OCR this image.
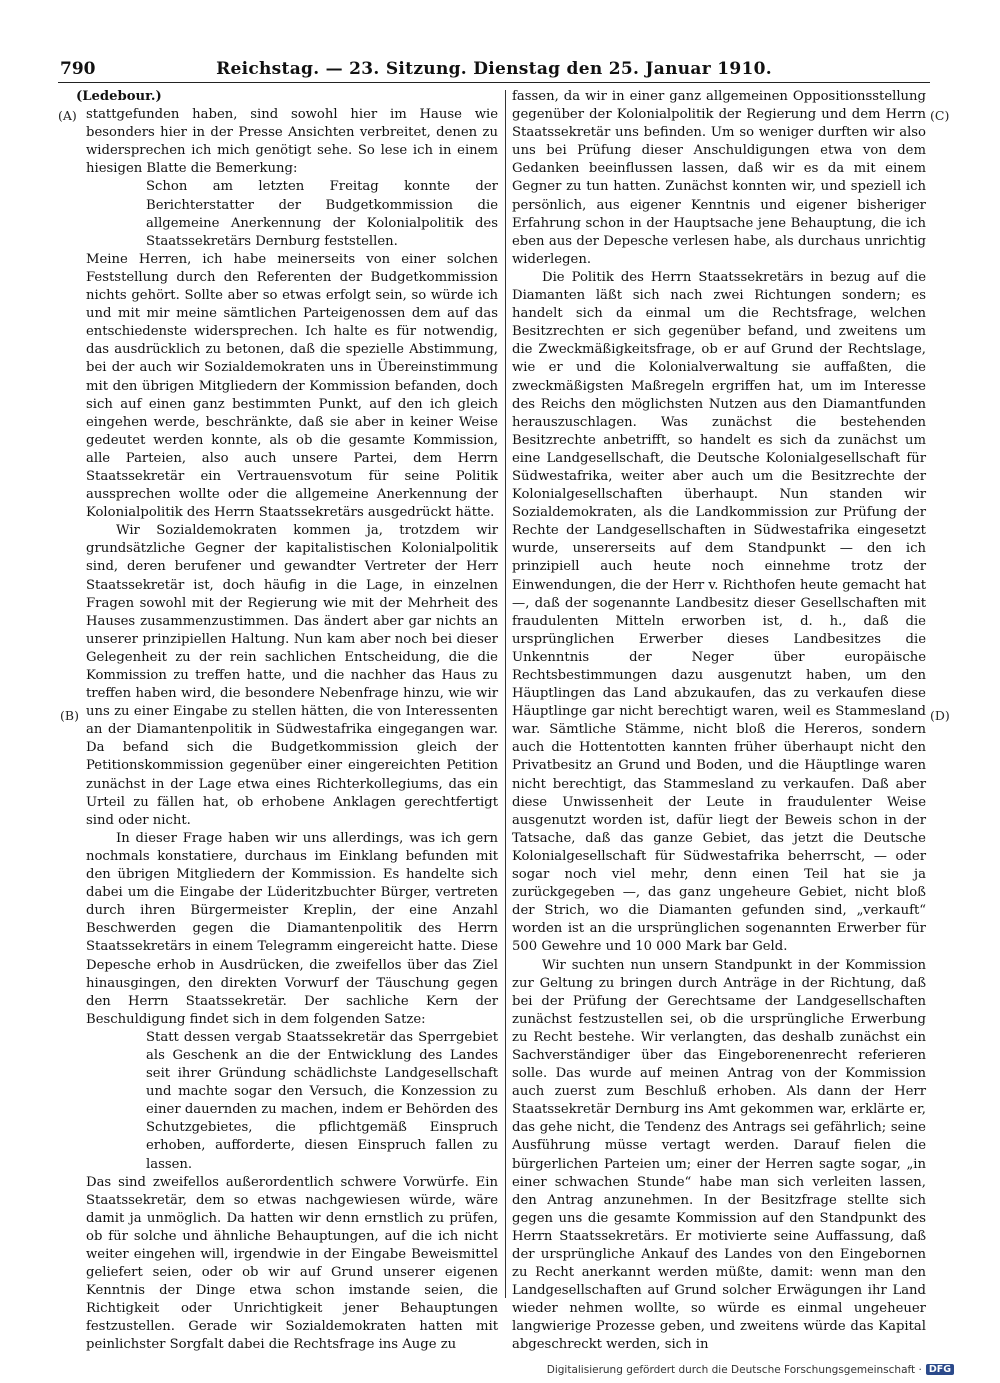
790	Reichstag. — 23. Sitzung. Dienstag den 25. Januar 1910.
(A)
(B)
(C)
(D)

(Ledebour.)

stattgefunden haben, sind sowohl hier im Hause wie besonders hier in der Presse Ansichten verbreitet, denen zu widersprechen ich mich genötigt sehe. So lese ich in einem hiesigen Blatte die Bemerkung:

Schon am letzten Freitag konnte der Berichterstatter der Budgetkommission die allgemeine Anerkennung der Kolonialpolitik des Staatssekretärs Dernburg feststellen.

Meine Herren, ich habe meinerseits von einer solchen Feststellung durch den Referenten der Budgetkommission nichts gehört. Sollte aber so etwas erfolgt sein, so würde ich und mit mir meine sämtlichen Parteigenossen dem auf das entschiedenste widersprechen. Ich halte es für notwendig, das ausdrücklich zu betonen, daß die spezielle Abstimmung, bei der auch wir Sozialdemokraten uns in Übereinstimmung mit den übrigen Mitgliedern der Kommission befanden, doch sich auf einen ganz bestimmten Punkt, auf den ich gleich eingehen werde, beschränkte, daß sie aber in keiner Weise gedeutet werden konnte, als ob die gesamte Kommission, alle Parteien, also auch unsere Partei, dem Herrn Staatssekretär ein Vertrauensvotum für seine Politik aussprechen wollte oder die allgemeine Anerkennung der Kolonialpolitik des Herrn Staatssekretärs ausgedrückt hätte.

Wir Sozialdemokraten kommen ja, trotzdem wir grundsätzliche Gegner der kapitalistischen Kolonialpolitik sind, deren berufener und gewandter Vertreter der Herr Staatssekretär ist, doch häufig in die Lage, in einzelnen Fragen sowohl mit der Regierung wie mit der Mehrheit des Hauses zusammenzustimmen. Das ändert aber gar nichts an unserer prinzipiellen Haltung. Nun kam aber noch bei dieser Gelegenheit zu der rein sachlichen Entscheidung, die die Kommission zu treffen hatte, und die nachher das Haus zu treffen haben wird, die besondere Nebenfrage hinzu, wie wir uns zu einer Eingabe zu stellen hätten, die von Interessenten an der Diamantenpolitik in Südwestafrika eingegangen war. Da befand sich die Budgetkommission gleich der Petitionskommission gegenüber einer eingereichten Petition zunächst in der Lage etwa eines Richterkollegiums, das ein Urteil zu fällen hat, ob erhobene Anklagen gerechtfertigt sind oder nicht.

In dieser Frage haben wir uns allerdings, was ich gern nochmals konstatiere, durchaus im Einklang befunden mit den übrigen Mitgliedern der Kommission. Es handelte sich dabei um die Eingabe der Lüderitzbuchter Bürger, vertreten durch ihren Bürgermeister Kreplin, der eine Anzahl Beschwerden gegen die Diamantenpolitik des Herrn Staatssekretärs in einem Telegramm eingereicht hatte. Diese Depesche erhob in Ausdrücken, die zweifellos über das Ziel hinausgingen, den direkten Vorwurf der Täuschung gegen den Herrn Staatssekretär. Der sachliche Kern der Beschuldigung findet sich in dem folgenden Satze:

Statt dessen vergab Staatssekretär das Sperrgebiet als Geschenk an die der Entwicklung des Landes seit ihrer Gründung schädlichste Landgesellschaft und machte sogar den Versuch, die Konzession zu einer dauernden zu machen, indem er Behörden des Schutzgebietes, die pflichtgemäß Einspruch erhoben, aufforderte, diesen Einspruch fallen zu lassen.

Das sind zweifellos außerordentlich schwere Vorwürfe. Ein Staatssekretär, dem so etwas nachgewiesen würde, wäre damit ja unmöglich. Da hatten wir denn ernstlich zu prüfen, ob für solche und ähnliche Behauptungen, auf die ich nicht weiter eingehen will, irgendwie in der Eingabe Beweismittel geliefert seien, oder ob wir auf Grund unserer eigenen Kenntnis der Dinge etwa schon imstande seien, die Richtigkeit oder Unrichtigkeit jener Behauptungen festzustellen. Gerade wir Sozialdemokraten hatten mit peinlichster Sorgfalt dabei die Rechtsfrage ins Auge zu

fassen, da wir in einer ganz allgemeinen Oppositionsstellung gegenüber der Kolonialpolitik der Regierung und dem Herrn Staatssekretär uns befinden. Um so weniger durften wir also uns bei Prüfung dieser Anschuldigungen etwa von dem Gedanken beeinflussen lassen, daß wir es da mit einem Gegner zu tun hatten. Zunächst konnten wir, und speziell ich persönlich, aus eigener Kenntnis und eigener bisheriger Erfahrung schon in der Hauptsache jene Behauptung, die ich eben aus der Depesche verlesen habe, als durchaus unrichtig widerlegen.

Die Politik des Herrn Staatssekretärs in bezug auf die Diamanten läßt sich nach zwei Richtungen sondern; es handelt sich da einmal um die Rechtsfrage, welchen Besitzrechten er sich gegenüber befand, und zweitens um die Zweckmäßigkeitsfrage, ob er auf Grund der Rechtslage, wie er und die Kolonialverwaltung sie auffaßten, die zweckmäßigsten Maßregeln ergriffen hat, um im Interesse des Reichs den möglichsten Nutzen aus den Diamantfunden herauszuschlagen. Was zunächst die bestehenden Besitzrechte anbetrifft, so handelt es sich da zunächst um eine Landgesellschaft, die Deutsche Kolonialgesellschaft für Südwestafrika, weiter aber auch um die Besitzrechte der Kolonialgesellschaften überhaupt. Nun standen wir Sozialdemokraten, als die Landkommission zur Prüfung der Rechte der Landgesellschaften in Südwestafrika eingesetzt wurde, unsererseits auf dem Standpunkt — den ich prinzipiell auch heute noch einnehme trotz der Einwendungen, die der Herr v. Richthofen heute gemacht hat —, daß der sogenannte Landbesitz dieser Gesellschaften mit fraudulenten Mitteln erworben ist, d. h., daß die ursprünglichen Erwerber dieses Landbesitzes die Unkenntnis der Neger über europäische Rechtsbestimmungen dazu ausgenutzt haben, um den Häuptlingen das Land abzukaufen, das zu verkaufen diese Häuptlinge gar nicht berechtigt waren, weil es Stammesland war. Sämtliche Stämme, nicht bloß die Hereros, sondern auch die Hottentotten kannten früher überhaupt nicht den Privatbesitz an Grund und Boden, und die Häuptlinge waren nicht berechtigt, das Stammesland zu verkaufen. Daß aber diese Unwissenheit der Leute in fraudulenter Weise ausgenutzt worden ist, dafür liegt der Beweis schon in der Tatsache, daß das ganze Gebiet, das jetzt die Deutsche Kolonialgesellschaft für Südwestafrika beherrscht, — oder sogar noch viel mehr, denn einen Teil hat sie ja zurückgegeben —, das ganz ungeheure Gebiet, nicht bloß der Strich, wo die Diamanten gefunden sind, „verkauft“ worden ist an die ursprünglichen sogenannten Erwerber für 500 Gewehre und 10 000 Mark bar Geld.

Wir suchten nun unsern Standpunkt in der Kommission zur Geltung zu bringen durch Anträge in der Richtung, daß bei der Prüfung der Gerechtsame der Landgesellschaften zunächst festzustellen sei, ob die ursprüngliche Erwerbung zu Recht bestehe. Wir verlangten, das deshalb zunächst ein Sachverständiger über das Eingeborenenrecht referieren solle. Das wurde auf meinen Antrag von der Kommission auch zuerst zum Beschluß erhoben. Als dann der Herr Staatssekretär Dernburg ins Amt gekommen war, erklärte er, das gehe nicht, die Tendenz des Antrags sei gefährlich; seine Ausführung müsse vertagt werden. Darauf fielen die bürgerlichen Parteien um; einer der Herren sagte sogar, „in einer schwachen Stunde“ habe man sich verleiten lassen, den Antrag anzunehmen. In der Besitzfrage stellte sich gegen uns die gesamte Kommission auf den Standpunkt des Herrn Staatssekretärs. Er motivierte seine Auffassung, daß der ursprüngliche Ankauf des Landes von den Eingebornen zu Recht anerkannt werden müßte, damit: wenn man den Landgesellschaften auf Grund solcher Erwägungen ihr Land wieder nehmen wollte, so würde es einmal ungeheuer langwierige Prozesse geben, und zweitens würde das Kapital abgeschreckt werden, sich in

Digitalisierung gefördert durch die Deutsche Forschungsgemeinschaft · DFG
